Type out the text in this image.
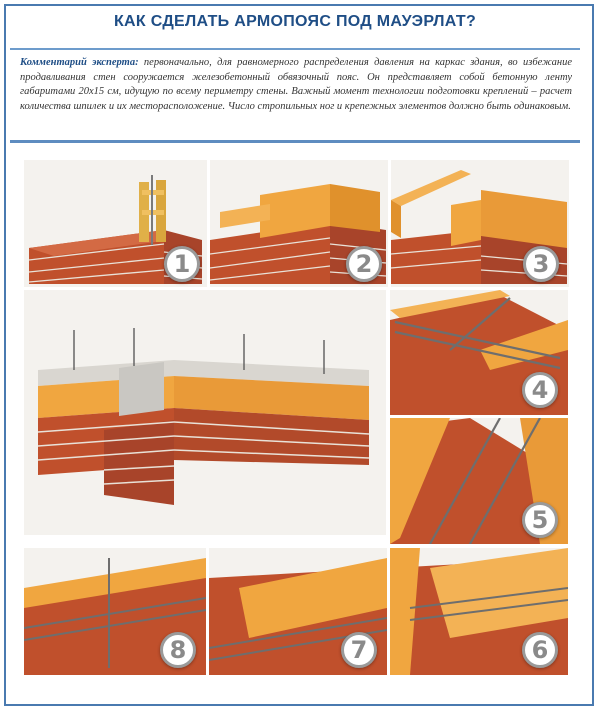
КАК СДЕЛАТЬ АРМОПОЯС ПОД МАУЭРЛАТ?
Комментарий эксперта: первоначально, для равномерного распределения давления на каркас здания, во избежание продавливания стен сооружается железобетонный обвязочный пояс. Он представляет собой бетонную ленту габаритами 20х15 см, идущую по всему периметру стены. Важный момент технологии подготовки креплений – расчет количества шпилек и их месторасположение. Число стропильных ног и крепежных элементов должно быть одинаковым.
1	2	3
4
5
8	7	6
